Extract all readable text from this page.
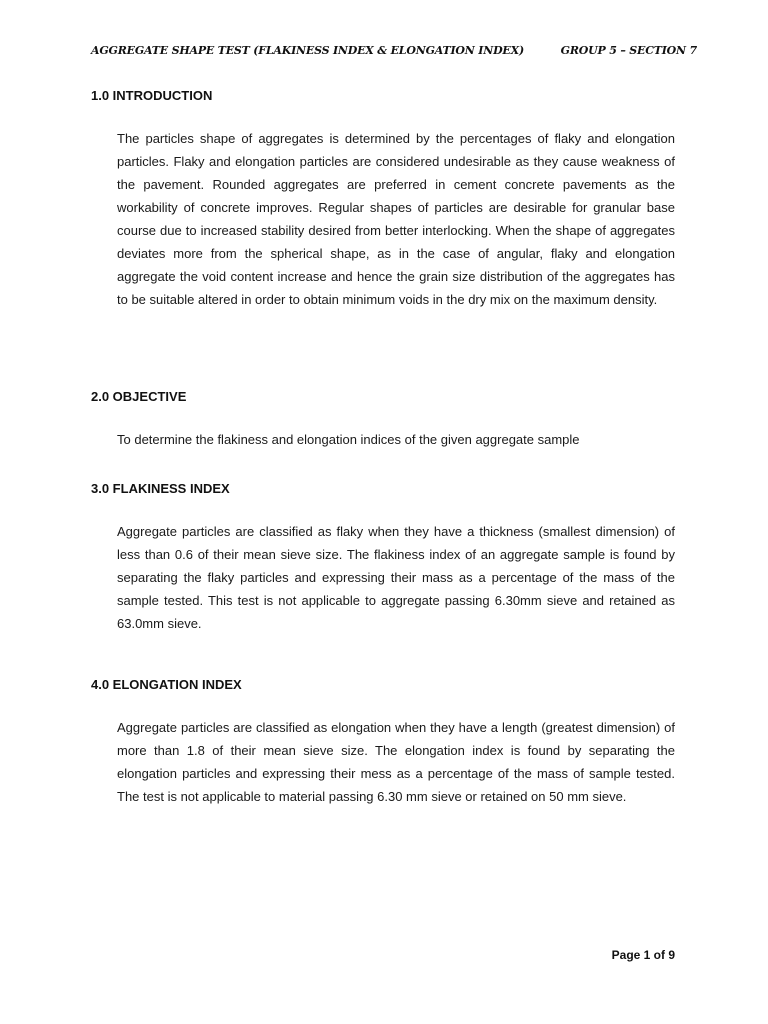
AGGREGATE SHAPE TEST (FLAKINESS INDEX & ELONGATION INDEX)	GROUP 5 – SECTION 7
1.0 INTRODUCTION

The particles shape of aggregates is determined by the percentages of flaky and elongation particles. Flaky and elongation particles are considered undesirable as they cause weakness of the pavement. Rounded aggregates are preferred in cement concrete pavements as the workability of concrete improves. Regular shapes of particles are desirable for granular base course due to increased stability desired from better interlocking. When the shape of aggregates deviates more from the spherical shape, as in the case of angular, flaky and elongation aggregate the void content increase and hence the grain size distribution of the aggregates has to be suitable altered in order to obtain minimum voids in the dry mix on the maximum density.

2.0 OBJECTIVE

To determine the flakiness and elongation indices of the given aggregate sample

3.0 FLAKINESS INDEX

Aggregate particles are classified as flaky when they have a thickness (smallest dimension) of less than 0.6 of their mean sieve size. The flakiness index of an aggregate sample is found by separating the flaky particles and expressing their mass as a percentage of the mass of the sample tested. This test is not applicable to aggregate passing 6.30mm sieve and retained as 63.0mm sieve.

4.0 ELONGATION INDEX

Aggregate particles are classified as elongation when they have a length (greatest dimension) of more than 1.8 of their mean sieve size. The elongation index is found by separating the elongation particles and expressing their mess as a percentage of the mass of sample tested. The test is not applicable to material passing 6.30 mm sieve or retained on 50 mm sieve.

Page 1 of 9
